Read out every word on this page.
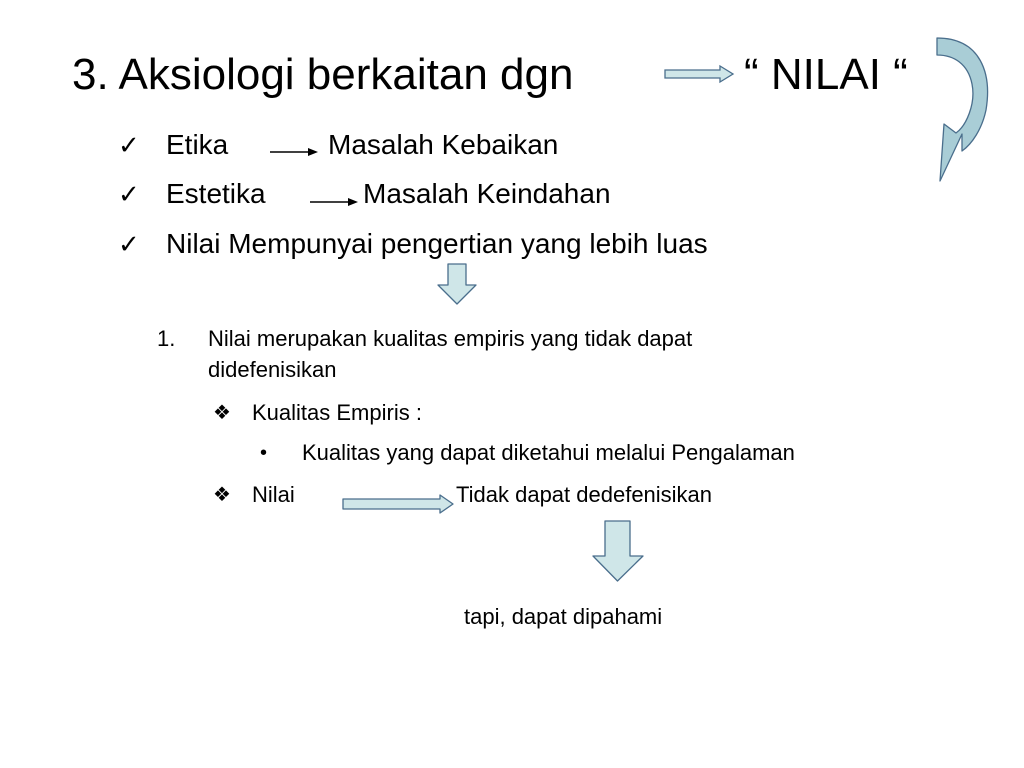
3. Aksiologi berkaitan dgn	“ NILAI “
✓ Etika	Masalah Kebaikan
✓ Estetika	Masalah Keindahan
✓ Nilai Mempunyai pengertian yang lebih luas
1. Nilai merupakan kualitas empiris yang tidak dapat
didefenisikan
❖ Kualitas Empiris :
• Kualitas yang dapat diketahui melalui Pengalaman
❖ Nilai	Tidak dapat dedefenisikan
tapi, dapat dipahami
